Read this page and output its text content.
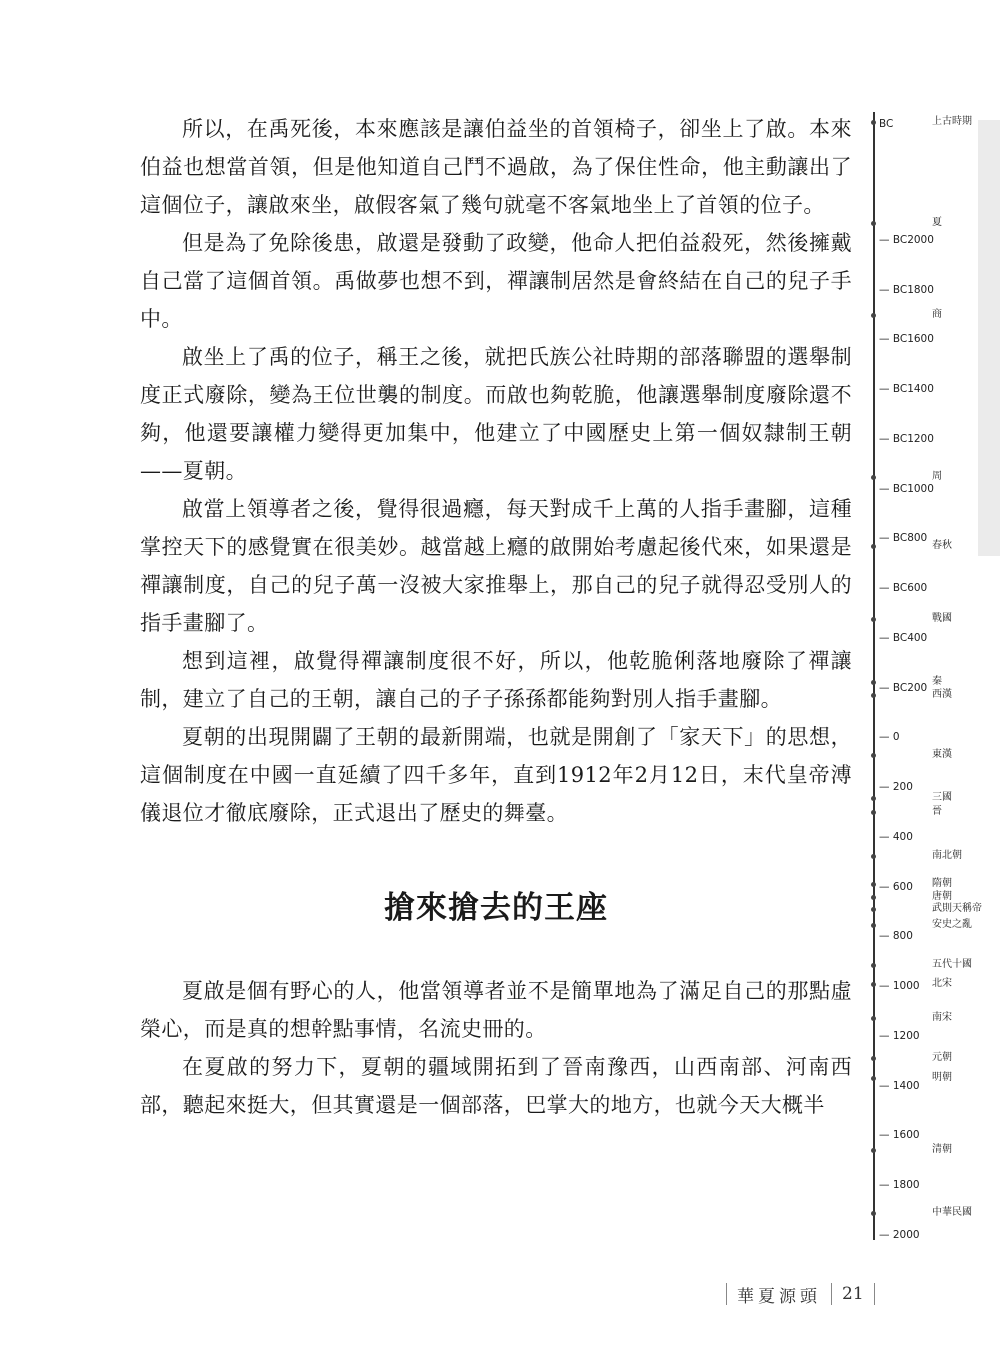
所以，在禹死後，本來應該是讓伯益坐的首領椅子，卻坐上了啟。本來伯益也想當首領，但是他知道自己鬥不過啟，為了保住性命，他主動讓出了這個位子，讓啟來坐，啟假客氣了幾句就毫不客氣地坐上了首領的位子。

但是為了免除後患，啟還是發動了政變，他命人把伯益殺死，然後擁戴自己當了這個首領。禹做夢也想不到，禪讓制居然是會終結在自己的兒子手中。

啟坐上了禹的位子，稱王之後，就把氏族公社時期的部落聯盟的選舉制度正式廢除，變為王位世襲的制度。而啟也夠乾脆，他讓選舉制度廢除還不夠，他還要讓權力變得更加集中，他建立了中國歷史上第一個奴隸制王朝——夏朝。

啟當上領導者之後，覺得很過癮，每天對成千上萬的人指手畫腳，這種掌控天下的感覺實在很美妙。越當越上癮的啟開始考慮起後代來，如果還是禪讓制度，自己的兒子萬一沒被大家推舉上，那自己的兒子就得忍受別人的指手畫腳了。

想到這裡，啟覺得禪讓制度很不好，所以，他乾脆俐落地廢除了禪讓制，建立了自己的王朝，讓自己的子子孫孫都能夠對別人指手畫腳。

夏朝的出現開闢了王朝的最新開端，也就是開創了「家天下」的思想，這個制度在中國一直延續了四千多年，直到1912年2月12日，末代皇帝溥儀退位才徹底廢除，正式退出了歷史的舞臺。

搶來搶去的王座

夏啟是個有野心的人，他當領導者並不是簡單地為了滿足自己的那點虛榮心，而是真的想幹點事情，名流史冊的。

在夏啟的努力下，夏朝的疆域開拓到了晉南豫西，山西南部、河南西部，聽起來挺大，但其實還是一個部落，巴掌大的地方，也就今天大概半

BC
— BC2000
— BC1800
— BC1600
— BC1400
— BC1200
— BC1000
— BC800
— BC600
— BC400
— BC200
— 0
— 200
— 400
— 600
— 800
— 1000
— 1200
— 1400
— 1600
— 1800
— 2000
上古時期
夏
商
周
春秋
戰國
秦
西漢
東漢
三國
晉
南北朝
隋朝
唐朝
武則天稱帝
安史之亂
五代十國
北宋
南宋
元朝
明朝
清朝
中華民國
華夏源頭 21
